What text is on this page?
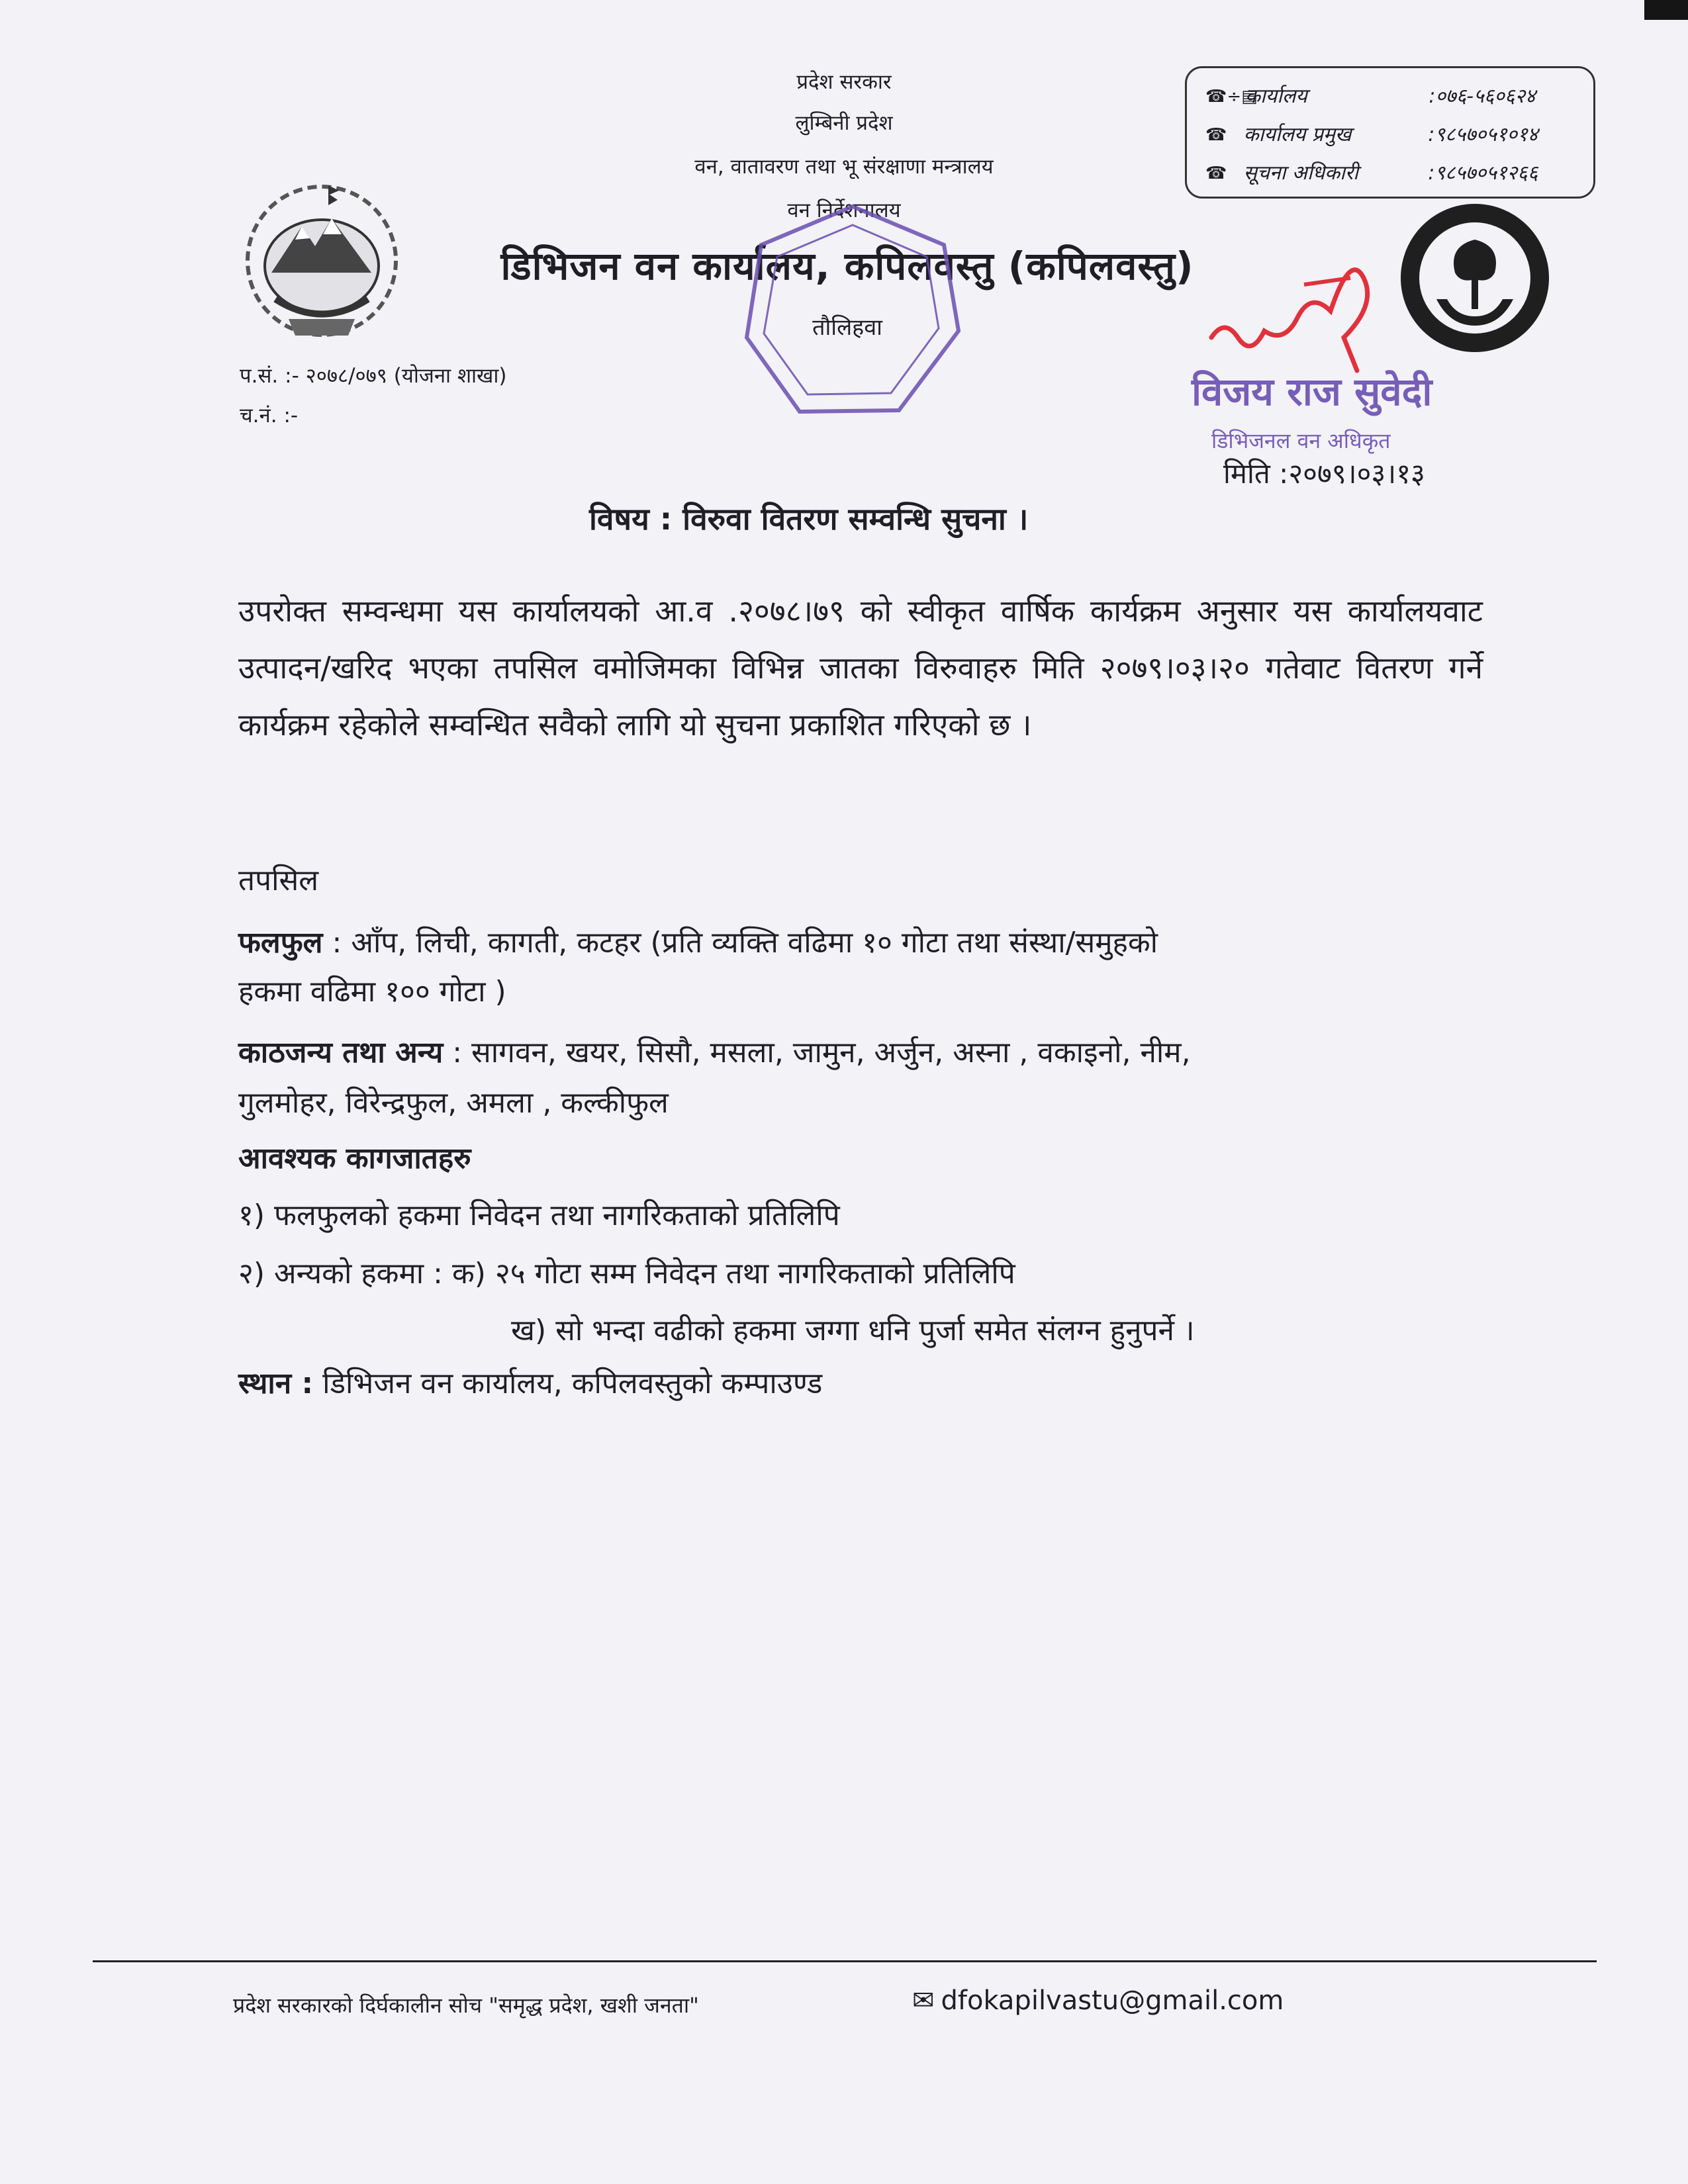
प्रदेश सरकार
लुम्बिनी प्रदेश
वन, वातावरण तथा भू संरक्षाणा मन्त्रालय
वन निर्देशनालय
डिभिजन वन कार्यालय, कपिलवस्तु (कपिलवस्तु)
तौलिहवा
☎÷▤
कार्यालय	:०७६-५६०६२४
☎ कार्यालय प्रमुख	:९८५७०५१०१४
☎ सूचना अधिकारी	:९८५७०५१२६६
प.सं. :- २०७८/०७९ (योजना शाखा)
च.नं. :-
विजय राज सुवेदी
डिभिजनल वन अधिकृत
मिति :२०७९।०३।१३
विषय : विरुवा वितरण सम्वन्धि सुचना ।
उपरोक्त सम्वन्धमा यस कार्यालयको आ.व .२०७८।७९ को स्वीकृत वार्षिक कार्यक्रम अनुसार यस कार्यालयवाट उत्पादन/खरिद भएका तपसिल वमोजिमका विभिन्न जातका विरुवाहरु मिति २०७९।०३।२० गतेवाट वितरण गर्ने कार्यक्रम रहेकोले सम्वन्धित सवैको लागि यो सुचना प्रकाशित गरिएको छ ।
तपसिल
फलफुल : आँप, लिची, कागती, कटहर (प्रति व्यक्ति वढिमा १० गोटा तथा संस्था/समुहको
हकमा वढिमा १०० गोटा )
काठजन्य तथा अन्य : सागवन, खयर, सिसौ, मसला, जामुन, अर्जुन, अस्ना , वकाइनो, नीम,
गुलमोहर, विरेन्द्रफुल, अमला , कल्कीफुल
आवश्यक कागजातहरु
१) फलफुलको हकमा निवेदन तथा नागरिकताको प्रतिलिपि
२) अन्यको हकमा : क) २५ गोटा सम्म निवेदन तथा नागरिकताको प्रतिलिपि
ख) सो भन्दा वढीको हकमा जग्गा धनि पुर्जा समेत संलग्न हुनुपर्ने ।
स्थान : डिभिजन वन कार्यालय, कपिलवस्तुको कम्पाउण्ड
प्रदेश सरकारको दिर्घकालीन सोच "समृद्ध प्रदेश, खशी जनता"	✉ dfokapilvastu@gmail.com
